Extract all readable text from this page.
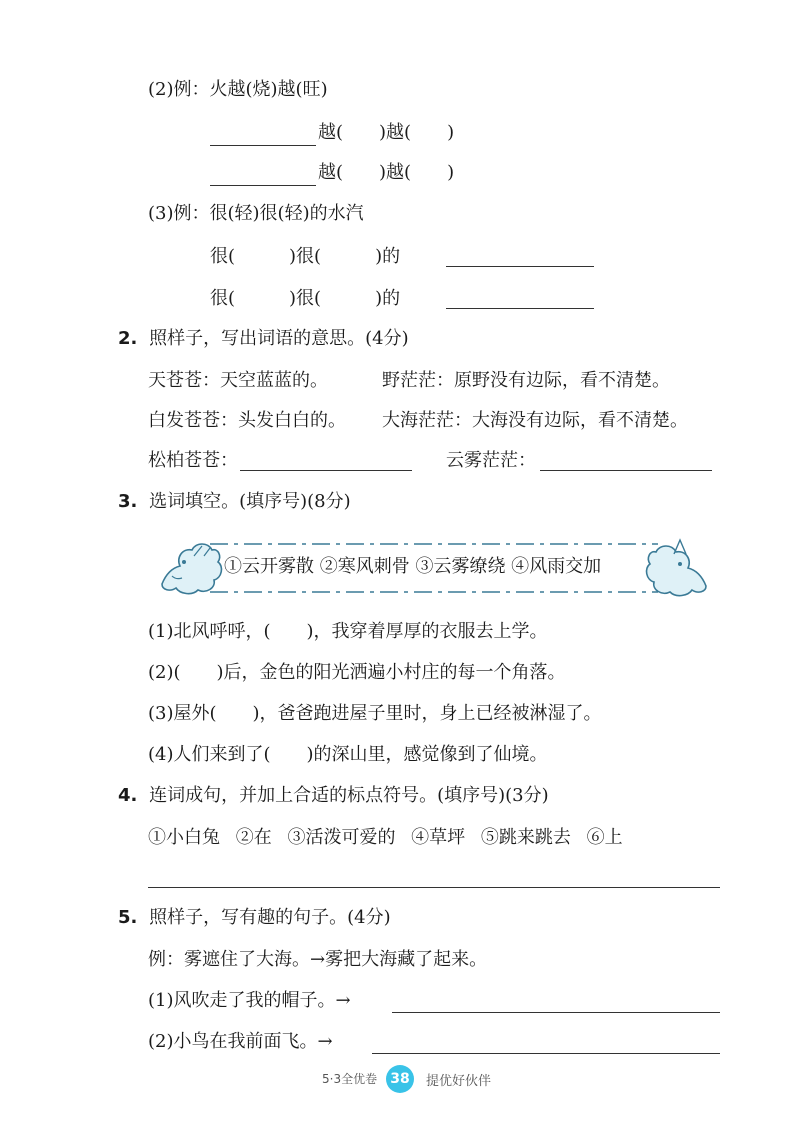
(2)例：火越(烧)越(旺)
越(　　)越(　　)
越(　　)越(　　)
(3)例：很(轻)很(轻)的水汽
很(　　　)很(　　　)的
很(　　　)很(　　　)的
2. 照样子，写出词语的意思。(4分)
天苍苍：天空蓝蓝的。	野茫茫：原野没有边际，看不清楚。
白发苍苍：头发白白的。 大海茫茫：大海没有边际，看不清楚。
松柏苍苍：	云雾茫茫：
3. 选词填空。(填序号)(8分)
①云开雾散 ②寒风刺骨 ③云雾缭绕 ④风雨交加
(1)北风呼呼，(　　)，我穿着厚厚的衣服去上学。
(2)(　　)后，金色的阳光洒遍小村庄的每一个角落。
(3)屋外(　　)，爸爸跑进屋子里时，身上已经被淋湿了。
(4)人们来到了(　　)的深山里，感觉像到了仙境。
4. 连词成句，并加上合适的标点符号。(填序号)(3分)
①小白兔 ②在 ③活泼可爱的 ④草坪 ⑤跳来跳去 ⑥上
5. 照样子，写有趣的句子。(4分)
例：雾遮住了大海。→雾把大海藏了起来。
(1)风吹走了我的帽子。→
(2)小鸟在我前面飞。→
5·3全优卷 38	提优好伙伴
